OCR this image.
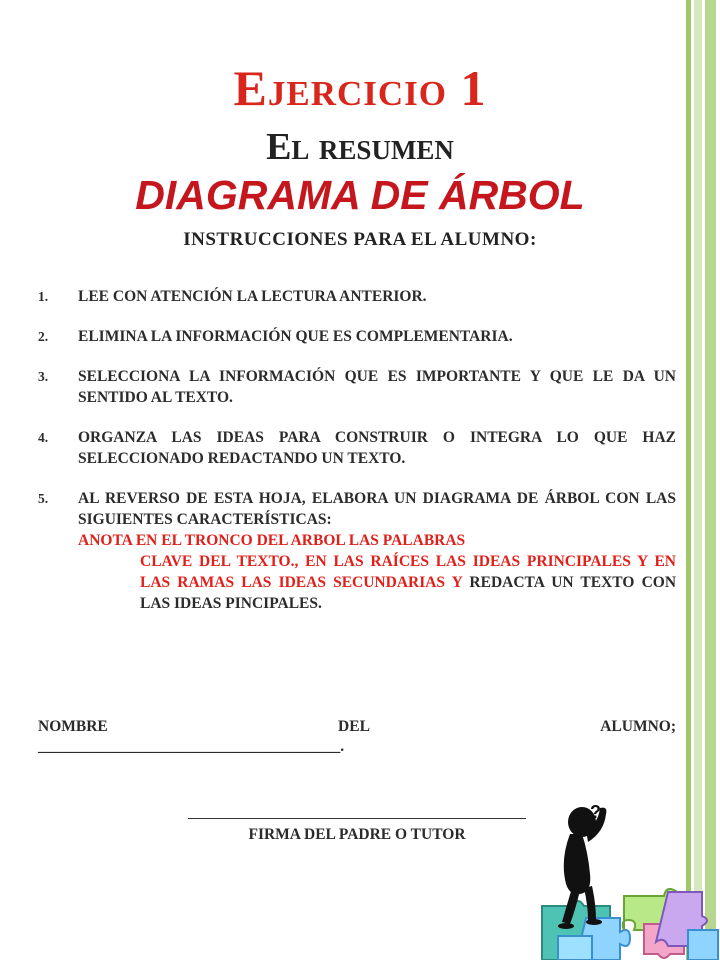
Ejercicio 1
El resumen
DIAGRAMA DE ÁRBOL
INSTRUCCIONES PARA EL ALUMNO:
1. LEE CON ATENCIÓN LA LECTURA ANTERIOR.
2. ELIMINA LA INFORMACIÓN QUE ES COMPLEMENTARIA.
3. SELECCIONA LA INFORMACIÓN QUE ES IMPORTANTE Y QUE LE DA UN SENTIDO AL TEXTO.
4. ORGANZA LAS IDEAS PARA CONSTRUIR O INTEGRA LO QUE HAZ SELECCIONADO REDACTANDO UN TEXTO.
5. AL REVERSO DE ESTA HOJA, ELABORA UN DIAGRAMA DE ÁRBOL CON LAS SIGUIENTES CARACTERÍSTICAS:
ANOTA EN EL TRONCO DEL ARBOL LAS PALABRAS
CLAVE DEL TEXTO., EN LAS RAÍCES LAS IDEAS PRINCIPALES Y EN LAS RAMAS LAS IDEAS SECUNDARIAS Y REDACTA UN TEXTO CON LAS IDEAS PINCIPALES.
NOMBRE	DEL	ALUMNO;
_______________________________________.
FIRMA DEL PADRE O TUTOR
?
